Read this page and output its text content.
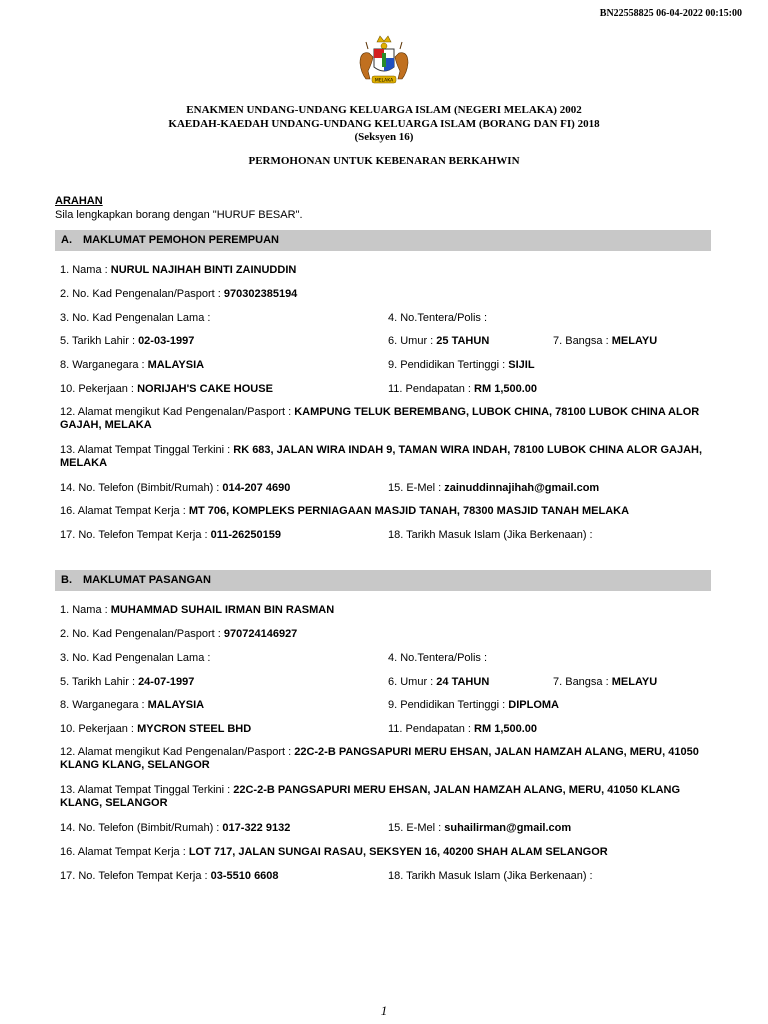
BN22558825 06-04-2022 00:15:00
MELAKA
ENAKMEN UNDANG-UNDANG KELUARGA ISLAM (NEGERI MELAKA) 2002
KAEDAH-KAEDAH UNDANG-UNDANG KELUARGA ISLAM (BORANG DAN FI) 2018
(Seksyen 16)
PERMOHONAN UNTUK KEBENARAN BERKAHWIN
ARAHAN
Sila lengkapkan borang dengan "HURUF BESAR".
A. MAKLUMAT PEMOHON PEREMPUAN
1. Nama : NURUL NAJIHAH BINTI ZAINUDDIN
2. No. Kad Pengenalan/Pasport : 970302385194
3. No. Kad Pengenalan Lama :	4. No.Tentera/Polis :
5. Tarikh Lahir : 02-03-1997	6. Umur : 25 TAHUN	7. Bangsa : MELAYU
8. Warganegara : MALAYSIA	9. Pendidikan Tertinggi : SIJIL
10. Pekerjaan : NORIJAH'S CAKE HOUSE	11. Pendapatan : RM 1,500.00
12. Alamat mengikut Kad Pengenalan/Pasport : KAMPUNG TELUK BEREMBANG, LUBOK CHINA, 78100 LUBOK CHINA ALOR GAJAH, MELAKA
13. Alamat Tempat Tinggal Terkini : RK 683, JALAN WIRA INDAH 9, TAMAN WIRA INDAH, 78100 LUBOK CHINA ALOR GAJAH, MELAKA
14. No. Telefon (Bimbit/Rumah) : 014-207 4690	15. E-Mel : zainuddinnajihah@gmail.com
16. Alamat Tempat Kerja : MT 706, KOMPLEKS PERNIAGAAN MASJID TANAH, 78300 MASJID TANAH MELAKA
17. No. Telefon Tempat Kerja : 011-26250159	18. Tarikh Masuk Islam (Jika Berkenaan) :
B. MAKLUMAT PASANGAN
1. Nama : MUHAMMAD SUHAIL IRMAN BIN RASMAN
2. No. Kad Pengenalan/Pasport : 970724146927
3. No. Kad Pengenalan Lama :	4. No.Tentera/Polis :
5. Tarikh Lahir : 24-07-1997	6. Umur : 24 TAHUN	7. Bangsa : MELAYU
8. Warganegara : MALAYSIA	9. Pendidikan Tertinggi : DIPLOMA
10. Pekerjaan : MYCRON STEEL BHD	11. Pendapatan : RM 1,500.00
12. Alamat mengikut Kad Pengenalan/Pasport : 22C-2-B PANGSAPURI MERU EHSAN, JALAN HAMZAH ALANG, MERU, 41050 KLANG KLANG, SELANGOR
13. Alamat Tempat Tinggal Terkini : 22C-2-B PANGSAPURI MERU EHSAN, JALAN HAMZAH ALANG, MERU, 41050 KLANG KLANG, SELANGOR
14. No. Telefon (Bimbit/Rumah) : 017-322 9132	15. E-Mel : suhailirman@gmail.com
16. Alamat Tempat Kerja : LOT 717, JALAN SUNGAI RASAU, SEKSYEN 16, 40200 SHAH ALAM SELANGOR
17. No. Telefon Tempat Kerja : 03-5510 6608	18. Tarikh Masuk Islam (Jika Berkenaan) :
1
